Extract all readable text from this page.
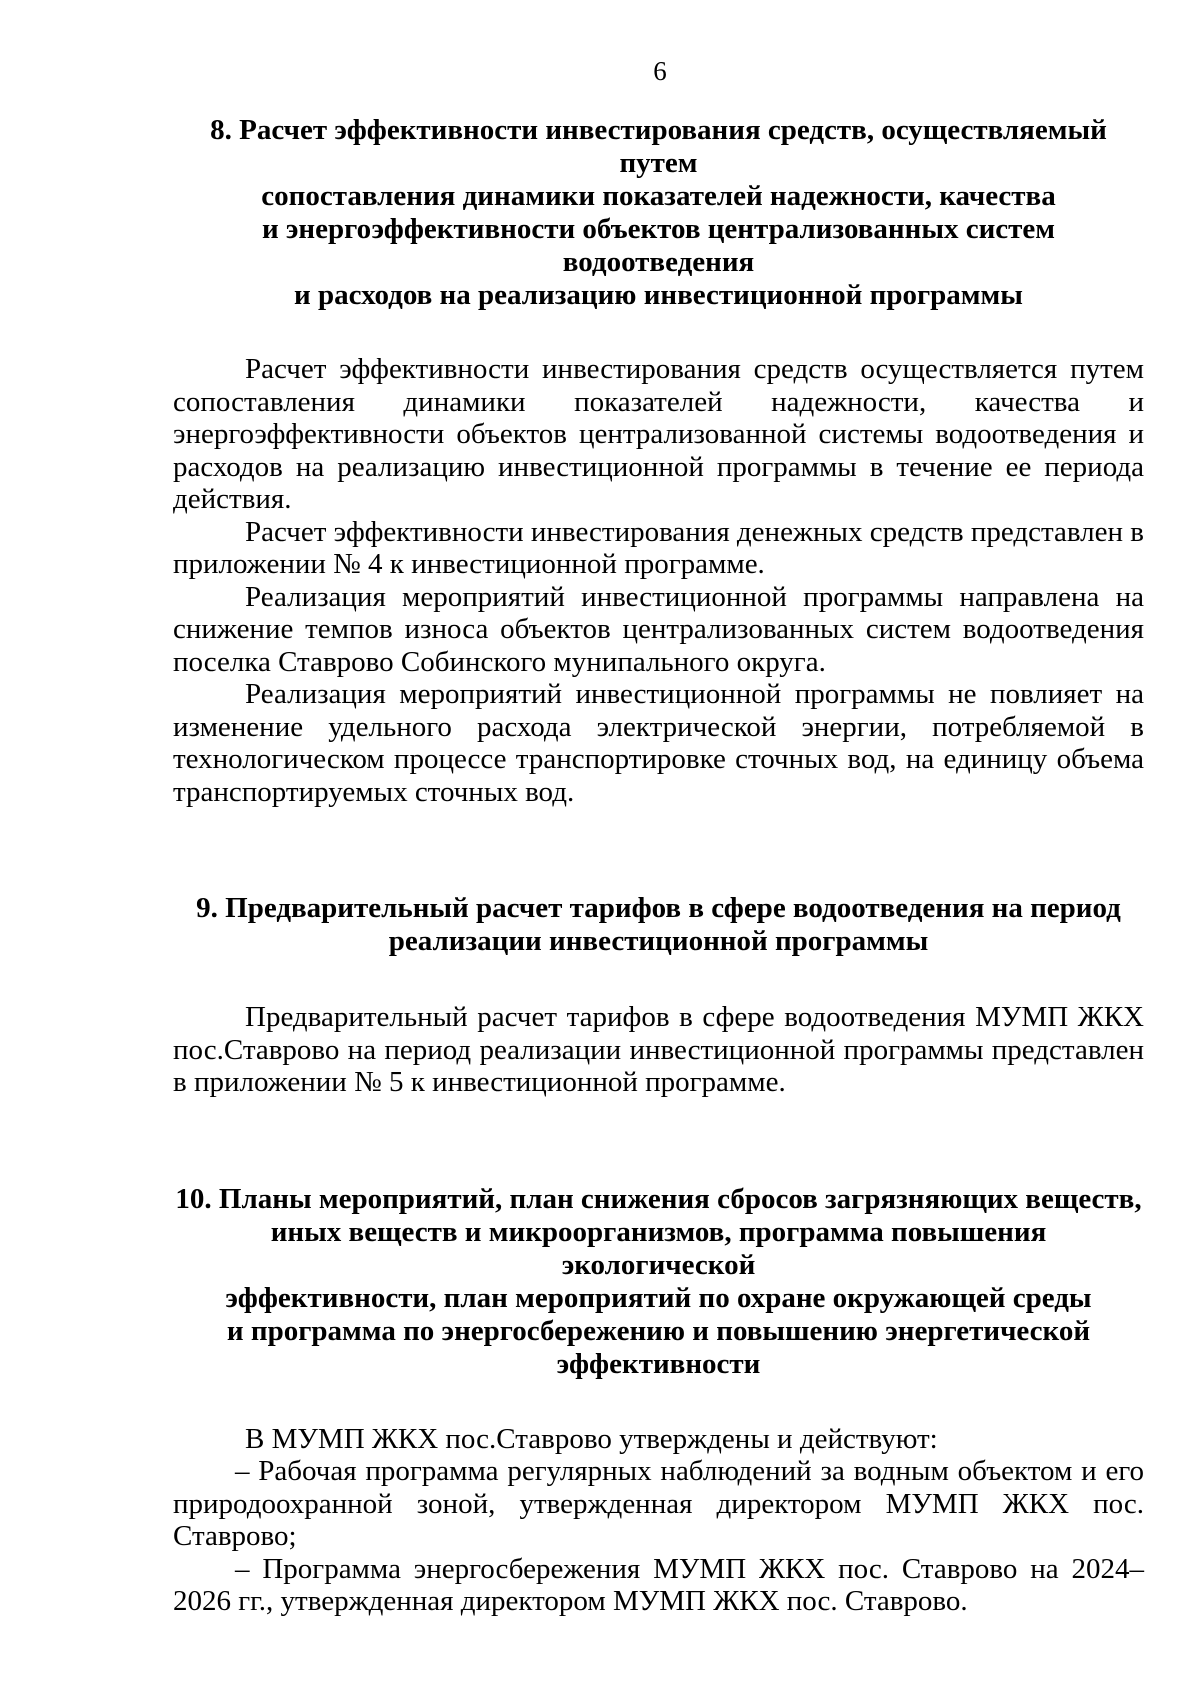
6
8. Расчет эффективности инвестирования средств, осуществляемый путем
сопоставления динамики показателей надежности, качества
и энергоэффективности объектов централизованных систем водоотведения
и расходов на реализацию инвестиционной программы

Расчет эффективности инвестирования средств осуществляется путем сопоставления динамики показателей надежности, качества и энергоэффективности объектов централизованной системы водоотведения и расходов на реализацию инвестиционной программы в течение ее периода действия.

Расчет эффективности инвестирования денежных средств представлен в приложении № 4 к инвестиционной программе.

Реализация мероприятий инвестиционной программы направлена на снижение темпов износа объектов централизованных систем водоотведения поселка Ставрово Собинского мунипального округа.

Реализация мероприятий инвестиционной программы не повлияет на изменение удельного расхода электрической энергии, потребляемой в технологическом процессе транспортировке сточных вод, на единицу объема транспортируемых сточных вод.

9. Предварительный расчет тарифов в сфере водоотведения на период
реализации инвестиционной программы

Предварительный расчет тарифов в сфере водоотведения МУМП ЖКХ пос.Ставрово на период реализации инвестиционной программы представлен в приложении № 5 к инвестиционной программе.

10. Планы мероприятий, план снижения сбросов загрязняющих веществ,
иных веществ и микроорганизмов, программа повышения экологической
эффективности, план мероприятий по охране окружающей среды
и программа по энергосбережению и повышению энергетической
эффективности

В МУМП ЖКХ пос.Ставрово утверждены и действуют:

– Рабочая программа регулярных наблюдений за водным объектом и его природоохранной зоной, утвержденная директором МУМП ЖКХ пос. Ставрово;

– Программа энергосбережения МУМП ЖКХ пос. Ставрово на 2024–2026 гг., утвержденная директором МУМП ЖКХ пос. Ставрово.
